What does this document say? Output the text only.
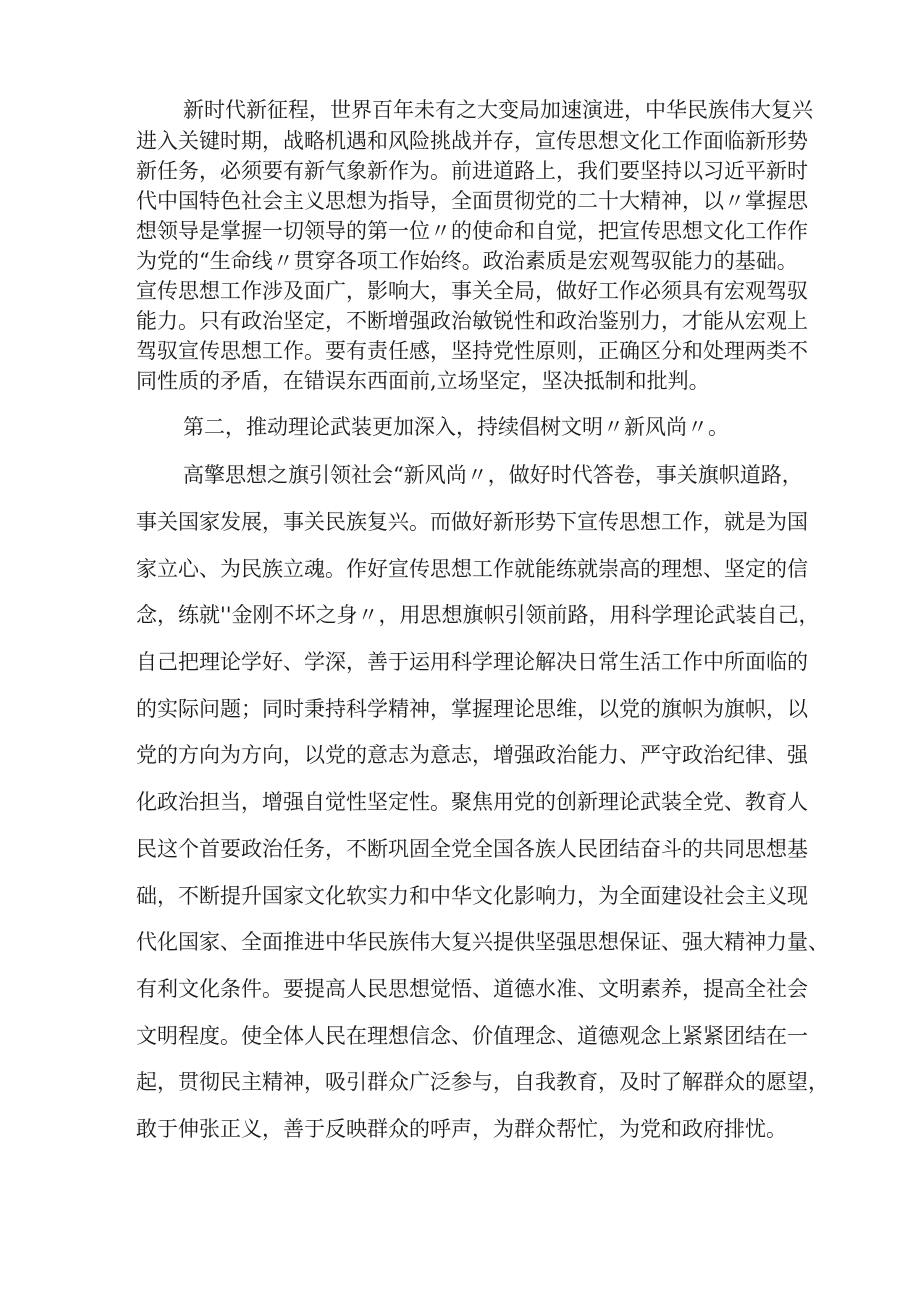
新时代新征程，世界百年未有之大变局加速演进，中华民族伟大复兴
进入关键时期，战略机遇和风险挑战并存，宣传思想文化工作面临新形势
新任务，必须要有新气象新作为。前进道路上，我们要坚持以习近平新时
代中国特色社会主义思想为指导，全面贯彻党的二十大精神，以〃掌握思
想领导是掌握一切领导的第一位〃的使命和自觉，把宣传思想文化工作作
为党的“生命线〃贯穿各项工作始终。政治素质是宏观驾驭能力的基础。
宣传思想工作涉及面广，影响大，事关全局，做好工作必须具有宏观驾驭
能力。只有政治坚定，不断增强政治敏锐性和政治鉴别力，才能从宏观上
驾驭宣传思想工作。要有责任感，坚持党性原则，正确区分和处理两类不
同性质的矛盾，在错误东西面前,立场坚定，坚决抵制和批判。
第二，推动理论武装更加深入，持续倡树文明〃新风尚〃。
高擎思想之旗引领社会“新风尚〃，做好时代答卷，事关旗帜道路，
事关国家发展，事关民族复兴。而做好新形势下宣传思想工作，就是为国
家立心、为民族立魂。作好宣传思想工作就能练就崇高的理想、坚定的信
念，练就''金刚不坏之身〃，用思想旗帜引领前路，用科学理论武装自己，
自己把理论学好、学深，善于运用科学理论解决日常生活工作中所面临的
的实际问题；同时秉持科学精神，掌握理论思维，以党的旗帜为旗帜，以
党的方向为方向，以党的意志为意志，增强政治能力、严守政治纪律、强
化政治担当，增强自觉性坚定性。聚焦用党的创新理论武装全党、教育人
民这个首要政治任务，不断巩固全党全国各族人民团结奋斗的共同思想基
础，不断提升国家文化软实力和中华文化影响力，为全面建设社会主义现
代化国家、全面推进中华民族伟大复兴提供坚强思想保证、强大精神力量、
有利文化条件。要提高人民思想觉悟、道德水准、文明素养，提高全社会
文明程度。使全体人民在理想信念、价值理念、道德观念上紧紧团结在一
起，贯彻民主精神，吸引群众广泛参与，自我教育，及时了解群众的愿望，
敢于伸张正义，善于反映群众的呼声，为群众帮忙，为党和政府排忧。
